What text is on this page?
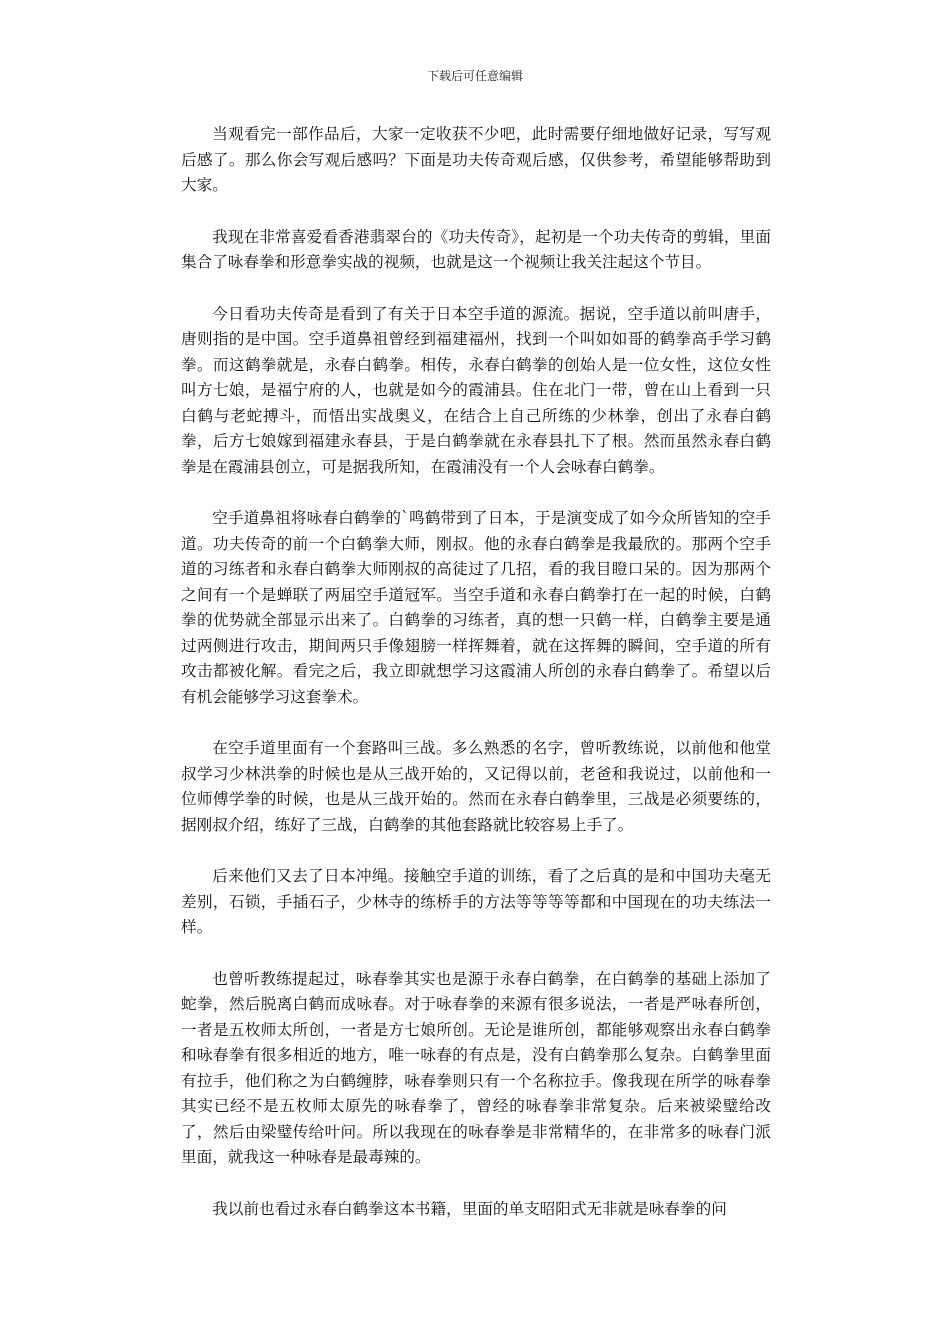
下载后可任意编辑

当观看完一部作品后，大家一定收获不少吧，此时需要仔细地做好记录，写写观后感了。那么你会写观后感吗？下面是功夫传奇观后感，仅供参考，希望能够帮助到大家。

我现在非常喜爱看香港翡翠台的《功夫传奇》，起初是一个功夫传奇的剪辑，里面集合了咏春拳和形意拳实战的视频，也就是这一个视频让我关注起这个节目。

今日看功夫传奇是看到了有关于日本空手道的源流。据说，空手道以前叫唐手，唐则指的是中国。空手道鼻祖曾经到福建福州，找到一个叫如如哥的鹤拳高手学习鹤拳。而这鹤拳就是，永春白鹤拳。相传，永春白鹤拳的创始人是一位女性，这位女性叫方七娘，是福宁府的人，也就是如今的霞浦县。住在北门一带，曾在山上看到一只白鹤与老蛇搏斗，而悟出实战奥义，在结合上自己所练的少林拳，创出了永春白鹤拳，后方七娘嫁到福建永春县，于是白鹤拳就在永春县扎下了根。然而虽然永春白鹤拳是在霞浦县创立，可是据我所知，在霞浦没有一个人会咏春白鹤拳。

空手道鼻祖将咏春白鹤拳的`鸣鹤带到了日本，于是演变成了如今众所皆知的空手道。功夫传奇的前一个白鹤拳大师，刚叔。他的永春白鹤拳是我最欣的。那两个空手道的习练者和永春白鹤拳大师刚叔的高徒过了几招，看的我目瞪口呆的。因为那两个之间有一个是蝉联了两届空手道冠军。当空手道和永春白鹤拳打在一起的时候，白鹤拳的优势就全部显示出来了。白鹤拳的习练者，真的想一只鹤一样，白鹤拳主要是通过两侧进行攻击，期间两只手像翅膀一样挥舞着，就在这挥舞的瞬间，空手道的所有攻击都被化解。看完之后，我立即就想学习这霞浦人所创的永春白鹤拳了。希望以后有机会能够学习这套拳术。

在空手道里面有一个套路叫三战。多么熟悉的名字，曾听教练说，以前他和他堂叔学习少林洪拳的时候也是从三战开始的，又记得以前，老爸和我说过，以前他和一位师傅学拳的时候，也是从三战开始的。然而在永春白鹤拳里，三战是必须要练的，据刚叔介绍，练好了三战，白鹤拳的其他套路就比较容易上手了。

后来他们又去了日本冲绳。接触空手道的训练，看了之后真的是和中国功夫毫无差别，石锁，手插石子，少林寺的练桥手的方法等等等等都和中国现在的功夫练法一样。

也曾听教练提起过，咏春拳其实也是源于永春白鹤拳，在白鹤拳的基础上添加了蛇拳，然后脱离白鹤而成咏春。对于咏春拳的来源有很多说法，一者是严咏春所创，一者是五枚师太所创，一者是方七娘所创。无论是谁所创，都能够观察出永春白鹤拳和咏春拳有很多相近的地方，唯一咏春的有点是，没有白鹤拳那么复杂。白鹤拳里面有拉手，他们称之为白鹤缠脖，咏春拳则只有一个名称拉手。像我现在所学的咏春拳其实已经不是五枚师太原先的咏春拳了，曾经的咏春拳非常复杂。后来被梁璧给改了，然后由梁璧传给叶问。所以我现在的咏春拳是非常精华的，在非常多的咏春门派里面，就我这一种咏春是最毒辣的。

我以前也看过永春白鹤拳这本书籍，里面的单支昭阳式无非就是咏春拳的问
